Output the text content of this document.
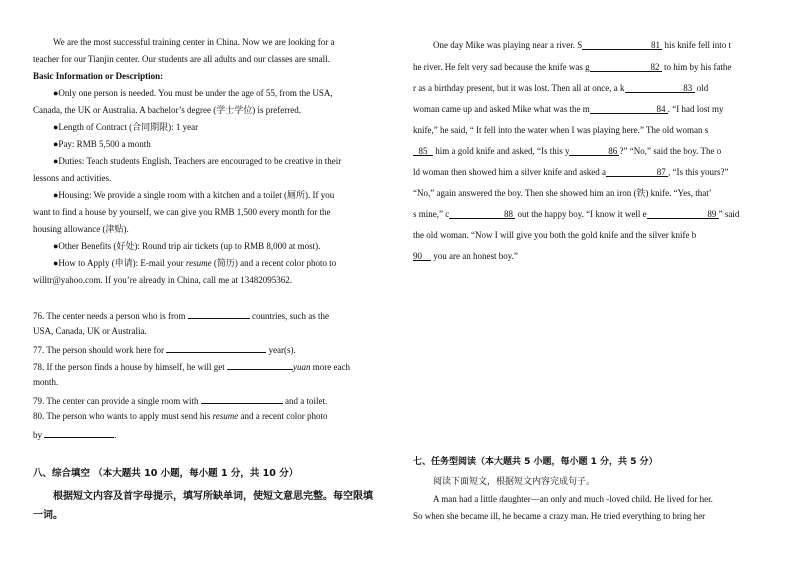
We are the most successful training center in China. Now we are looking for a
teacher for our Tianjin center. Our students are all adults and our classes are small.
Basic Information or Description:
●Only one person is needed. You must be under the age of 55, from the USA,
Canada, the UK or Australia. A bachelor’s degree (学士学位) is preferred.
●Length of Contract (合同期限): 1 year
●Pay: RMB 5,500 a month
●Duties: Teach students English. Teachers are encouraged to be creative in their
lessons and activities.
●Housing: We provide a single room with a kitchen and a toilet (厕所). If you
want to find a house by yourself, we can give you RMB 1,500 every month for the
housing allowance (津贴).
●Other Benefits (好处): Round trip air tickets (up to RMB 8,000 at most).
●How to Apply (申请): E-mail your resume (简历) and a recent color photo to
willtr@yahoo.com. If you’re already in China, call me at 13482095362.
76. The center needs a person who is from	countries, such as the
USA, Canada, UK or Australia.
77. The person should work here for	year(s).
78. If the person finds a house by himself, he will get	yuan more each
month.
79. The center can provide a single room with	and a toilet.
80. The person who wants to apply must send his resume and a recent color photo
by	.
八、综合填空 （本大题共 10 小题，每小题 1 分，共 10 分）
根据短文内容及首字母提示，填写所缺单词，使短文意思完整。每空限填
一词。
One day Mike was playing near a river. S	81  his knife fell into t
he river. He felt very sad because the knife was g	82  to him by his fathe
r as a birthday present, but it was lost. Then all at once, a k	83  old
woman came up and asked Mike what was the m	84 . “I had lost my
knife,” he said, “ It fell into the water when I was playing here.” The old woman s
85 him a gold knife and asked, “Is this y	86 ?” “No,” said the boy. The o
ld woman then showed him a silver knife and asked a	87 , “Is this yours?”
“No,” again answered the boy. Then she showed him an iron (铁) knife. “Yes, that’
s mine,” c	88  out the happy boy. “I know it well e	89 ” said
the old woman. “Now I will give you both the gold knife and the silver knife b
90 you are an honest boy.”
七、任务型阅读（本大题共 5 小题，每小题 1 分，共 5 分）
阅读下面短文，根据短文内容完成句子。
A man had a little daughter—an only and much -loved child. He lived for her.
So when she became ill, he became a crazy man. He tried everything to bring her
